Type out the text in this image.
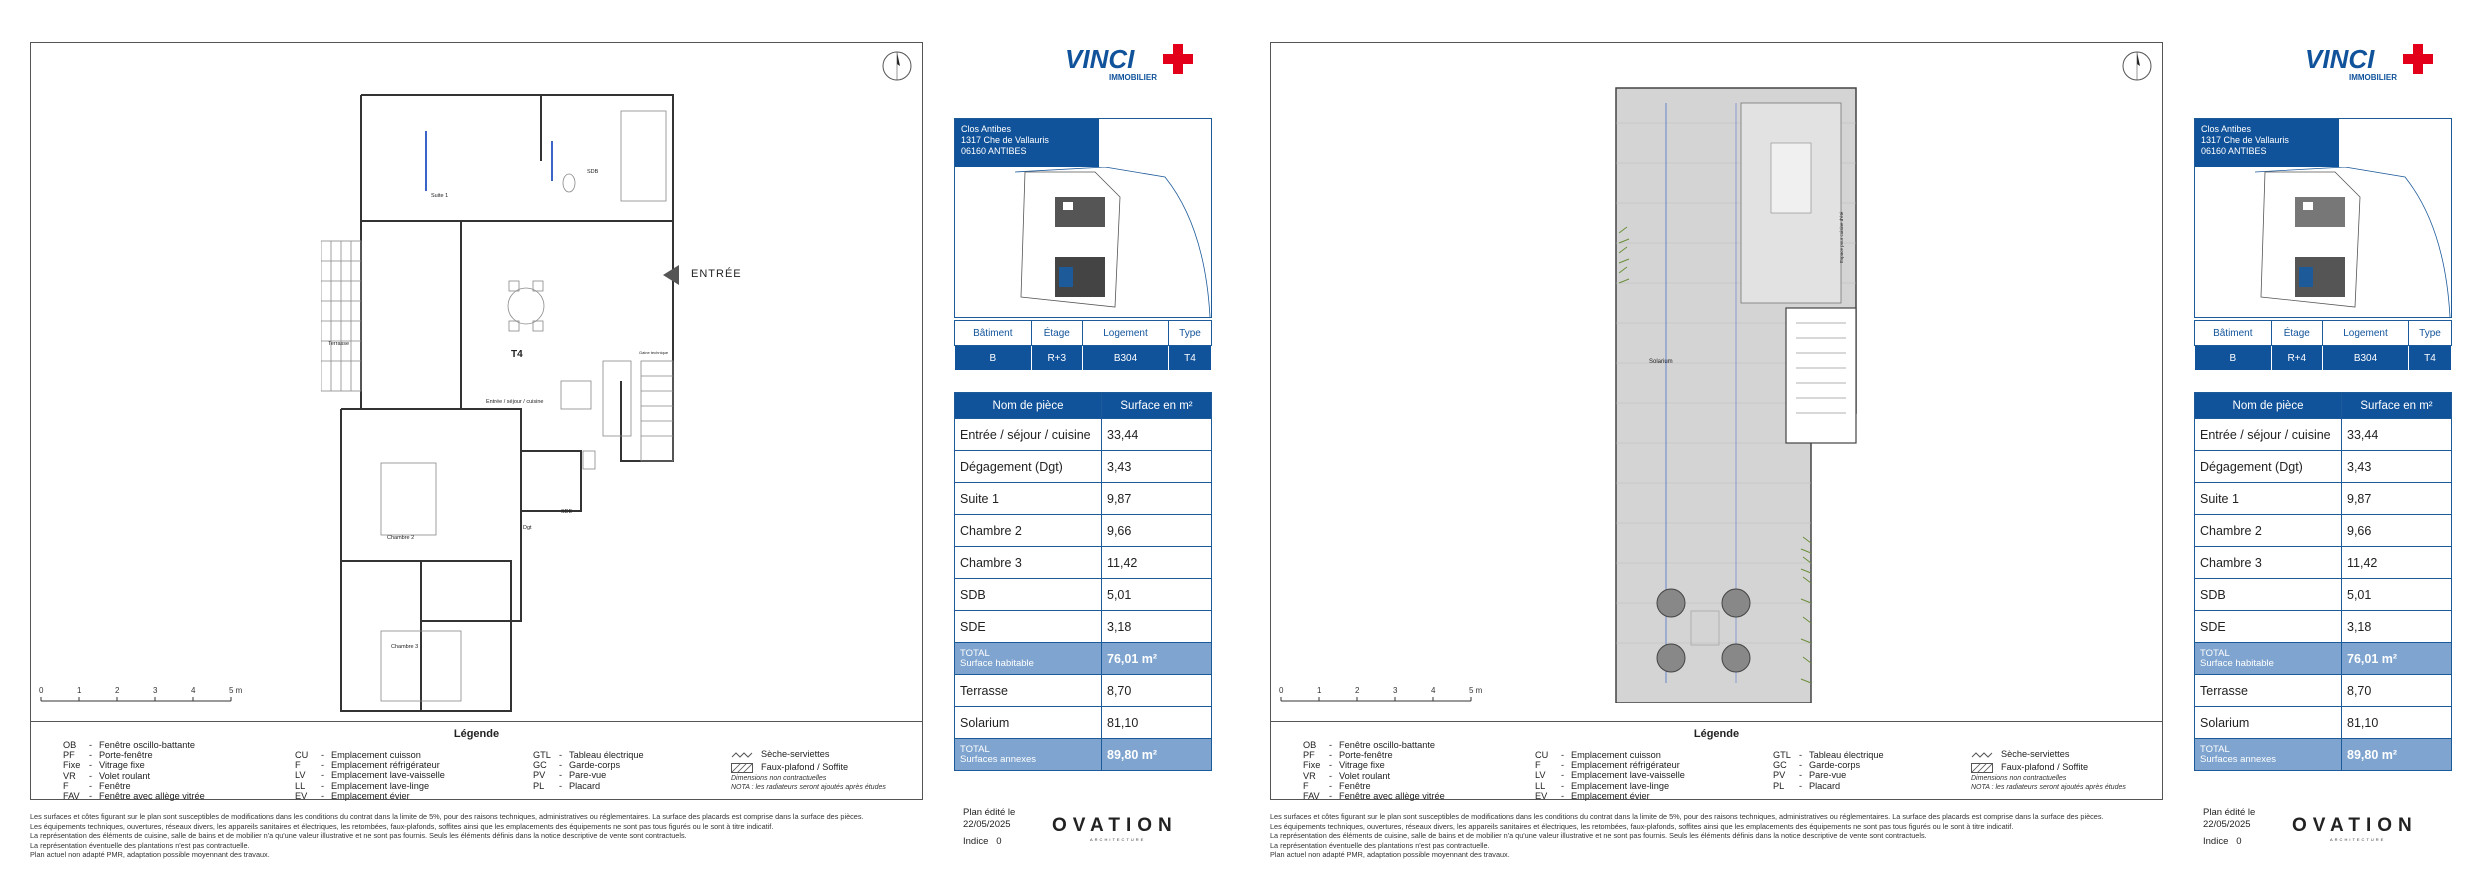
T4
Entrée / séjour / cuisine
Suite 1
SDB
Terrasse
Chambre 2
Chambre 3
Dgt
SDE
Gaine technique
ENTRÉE
0	1	2	3	4	5 m
Légende
OB - Fenêtre oscillo-battante
PF - Porte-fenêtre
Fixe - Vitrage fixe
VR - Volet roulant
F - Fenêtre
FAV - Fenêtre avec allège vitrée
CU - Emplacement cuisson
F - Emplacement réfrigérateur
LV - Emplacement lave-vaisselle
LL - Emplacement lave-linge
EV - Emplacement évier
GTL - Tableau électrique
GC - Garde-corps
PV - Pare-vue
PL - Placard
Sèche-serviettes
Faux-plafond / Soffite
Dimensions non contractuelles
NOTA : les radiateurs seront ajoutés après études
Les surfaces et côtes figurant sur le plan sont susceptibles de modifications dans les conditions du contrat dans la limite de 5%, pour des raisons techniques, administratives ou réglementaires. La surface des placards est comprise dans la surface des pièces.
Les équipements techniques, ouvertures, réseaux divers, les appareils sanitaires et électriques, les retombées, faux-plafonds, soffites ainsi que les emplacements des équipements ne sont pas tous figurés ou le sont à titre indicatif.
La représentation des éléments de cuisine, salle de bains et de mobilier n'a qu'une valeur illustrative et ne sont pas fournis. Seuls les éléments définis dans la notice descriptive de vente sont contractuels.
La représentation éventuelle des plantations n'est pas contractuelle.
Plan actuel non adapté PMR, adaptation possible moyennant des travaux.
Plan édité le
22/05/2025
Indice 0
OVATION
ARCHITECTURE
VINCI
IMMOBILIER
Clos Antibes
1317 Che de Vallauris
06160 ANTIBES
Bâtiment	Étage	Logement	Type
B	R+3	B304	T4
Nom de pièce	Surface en m²
Entrée / séjour / cuisine	33,44
Dégagement (Dgt)	3,43
Suite 1	9,87
Chambre 2	9,66
Chambre 3	11,42
SDB	5,01
SDE	3,18

TOTAL
Surface habitable	76,01 m²
Terrasse	8,70
Solarium	81,10

TOTAL
Surfaces annexes	89,80 m²
Solarium
Espace pour cuisine d'été
0	1	2	3	4	5 m
Légende
OB - Fenêtre oscillo-battante
PF - Porte-fenêtre
Fixe - Vitrage fixe
VR - Volet roulant
F - Fenêtre
FAV - Fenêtre avec allège vitrée
CU - Emplacement cuisson
F - Emplacement réfrigérateur
LV - Emplacement lave-vaisselle
LL - Emplacement lave-linge
EV - Emplacement évier
GTL - Tableau électrique
GC - Garde-corps
PV - Pare-vue
PL - Placard
Sèche-serviettes
Faux-plafond / Soffite
Dimensions non contractuelles
NOTA : les radiateurs seront ajoutés après études
Les surfaces et côtes figurant sur le plan sont susceptibles de modifications dans les conditions du contrat dans la limite de 5%, pour des raisons techniques, administratives ou réglementaires. La surface des placards est comprise dans la surface des pièces.
Les équipements techniques, ouvertures, réseaux divers, les appareils sanitaires et électriques, les retombées, faux-plafonds, soffites ainsi que les emplacements des équipements ne sont pas tous figurés ou le sont à titre indicatif.
La représentation des éléments de cuisine, salle de bains et de mobilier n'a qu'une valeur illustrative et ne sont pas fournis. Seuls les éléments définis dans la notice descriptive de vente sont contractuels.
La représentation éventuelle des plantations n'est pas contractuelle.
Plan actuel non adapté PMR, adaptation possible moyennant des travaux.
Plan édité le
22/05/2025
Indice 0
OVATION
ARCHITECTURE
VINCI
IMMOBILIER
Clos Antibes
1317 Che de Vallauris
06160 ANTIBES
Bâtiment	Étage	Logement	Type
B	R+4	B304	T4
Nom de pièce	Surface en m²
Entrée / séjour / cuisine	33,44
Dégagement (Dgt)	3,43
Suite 1	9,87
Chambre 2	9,66
Chambre 3	11,42
SDB	5,01
SDE	3,18

TOTAL
Surface habitable	76,01 m²
Terrasse	8,70
Solarium	81,10

TOTAL
Surfaces annexes	89,80 m²
